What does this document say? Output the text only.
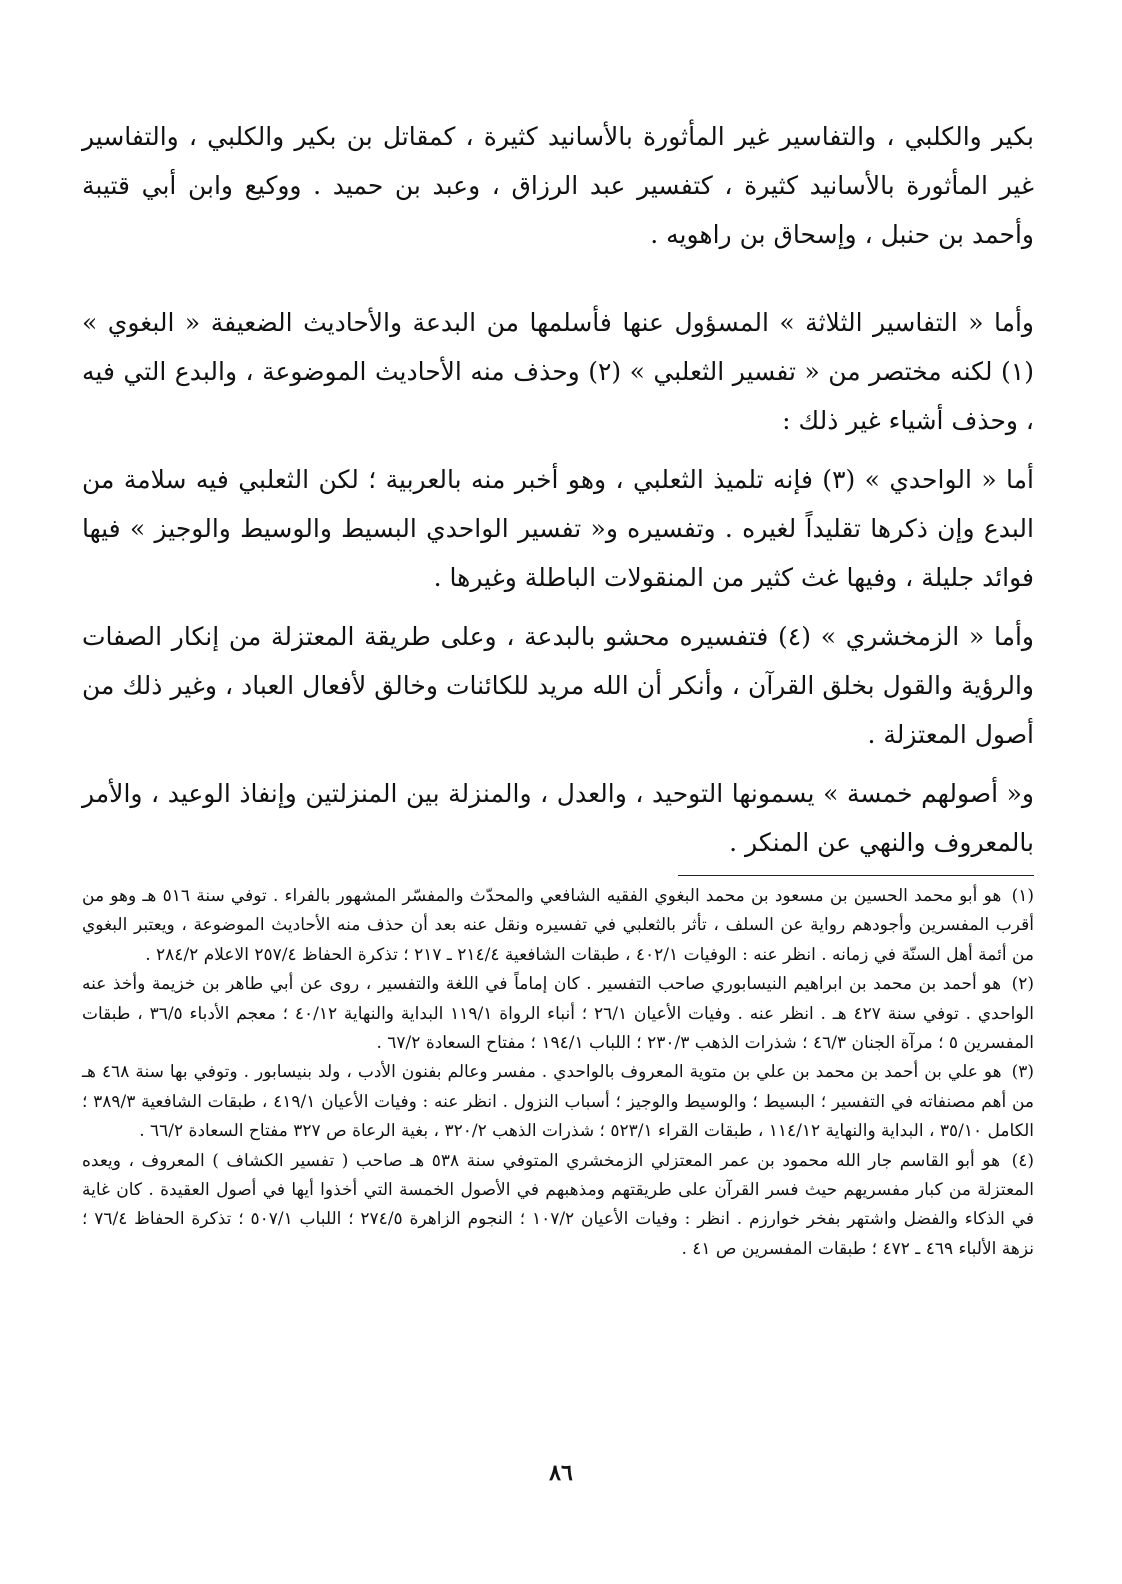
بكير والكلبي ، والتفاسير غير المأثورة بالأسانيد كثيرة ، كمقاتل بن بكير والكلبي ، والتفاسير غير المأثورة بالأسانيد كثيرة ، كتفسير عبد الرزاق ، وعبد بن حميد . ووكيع وابن أبي قتيبة وأحمد بن حنبل ، وإسحاق بن راهويه .

وأما « التفاسير الثلاثة » المسؤول عنها فأسلمها من البدعة والأحاديث الضعيفة « البغوي » (١) لكنه مختصر من « تفسير الثعلبي » (٢) وحذف منه الأحاديث الموضوعة ، والبدع التي فيه ، وحذف أشياء غير ذلك :

أما « الواحدي » (٣) فإنه تلميذ الثعلبي ، وهو أخبر منه بالعربية ؛ لكن الثعلبي فيه سلامة من البدع وإن ذكرها تقليداً لغيره . وتفسيره و« تفسير الواحدي البسيط والوسيط والوجيز » فيها فوائد جليلة ، وفيها غث كثير من المنقولات الباطلة وغيرها .

وأما « الزمخشري » (٤) فتفسيره محشو بالبدعة ، وعلى طريقة المعتزلة من إنكار الصفات والرؤية والقول بخلق القرآن ، وأنكر أن الله مريد للكائنات وخالق لأفعال العباد ، وغير ذلك من أصول المعتزلة .

و« أصولهم خمسة » يسمونها التوحيد ، والعدل ، والمنزلة بين المنزلتين وإنفاذ الوعيد ، والأمر بالمعروف والنهي عن المنكر .

(١) هو أبو محمد الحسين بن مسعود بن محمد البغوي الفقيه الشافعي والمحدّث والمفسّر المشهور بالفراء . توفي سنة ٥١٦ هـ وهو من أقرب المفسرين وأجودهم رواية عن السلف ، تأثر بالثعلبي في تفسيره ونقل عنه بعد أن حذف منه الأحاديث الموضوعة ، ويعتبر البغوي من أئمة أهل السنّة في زمانه . انظر عنه : الوفيات ٤٠٢/١ ، طبقات الشافعية ٢١٤/٤ ـ ٢١٧ ؛ تذكرة الحفاظ ٢٥٧/٤ الاعلام ٢٨٤/٢ .

(٢) هو أحمد بن محمد بن ابراهيم النيسابوري صاحب التفسير . كان إماماً في اللغة والتفسير ، روى عن أبي طاهر بن خزيمة وأخذ عنه الواحدي . توفي سنة ٤٢٧ هـ . انظر عنه . وفيات الأعيان ٢٦/١ ؛ أنباء الرواة ١١٩/١ البداية والنهاية ٤٠/١٢ ؛ معجم الأدباء ٣٦/٥ ، طبقات المفسرين ٥ ؛ مرآة الجنان ٤٦/٣ ؛ شذرات الذهب ٢٣٠/٣ ؛ اللباب ١٩٤/١ ؛ مفتاح السعادة ٦٧/٢ .

(٣) هو علي بن أحمد بن محمد بن علي بن متوية المعروف بالواحدي . مفسر وعالم بفنون الأدب ، ولد بنيسابور . وتوفي بها سنة ٤٦٨ هـ من أهم مصنفاته في التفسير ؛ البسيط ؛ والوسيط والوجيز ؛ أسباب النزول . انظر عنه : وفيات الأعيان ٤١٩/١ ، طبقات الشافعية ٣٨٩/٣ ؛ الكامل ٣٥/١٠ ، البداية والنهاية ١١٤/١٢ ، طبقات القراء ٥٢٣/١ ؛ شذرات الذهب ٣٢٠/٢ ، بغية الرعاة ص ٣٢٧ مفتاح السعادة ٦٦/٢ .

(٤) هو أبو القاسم جار الله محمود بن عمر المعتزلي الزمخشري المتوفي سنة ٥٣٨ هـ صاحب ( تفسير الكشاف ) المعروف ، ويعده المعتزلة من كبار مفسريهم حيث فسر القرآن على طريقتهم ومذهبهم في الأصول الخمسة التي أخذوا أيها في أصول العقيدة . كان غاية في الذكاء والفضل واشتهر بفخر خوارزم . انظر : وفيات الأعيان ١٠٧/٢ ؛ النجوم الزاهرة ٢٧٤/٥ ؛ اللباب ٥٠٧/١ ؛ تذكرة الحفاظ ٧٦/٤ ؛ نزهة الألباء ٤٦٩ ـ ٤٧٢ ؛ طبقات المفسرين ص ٤١ .

٨٦
